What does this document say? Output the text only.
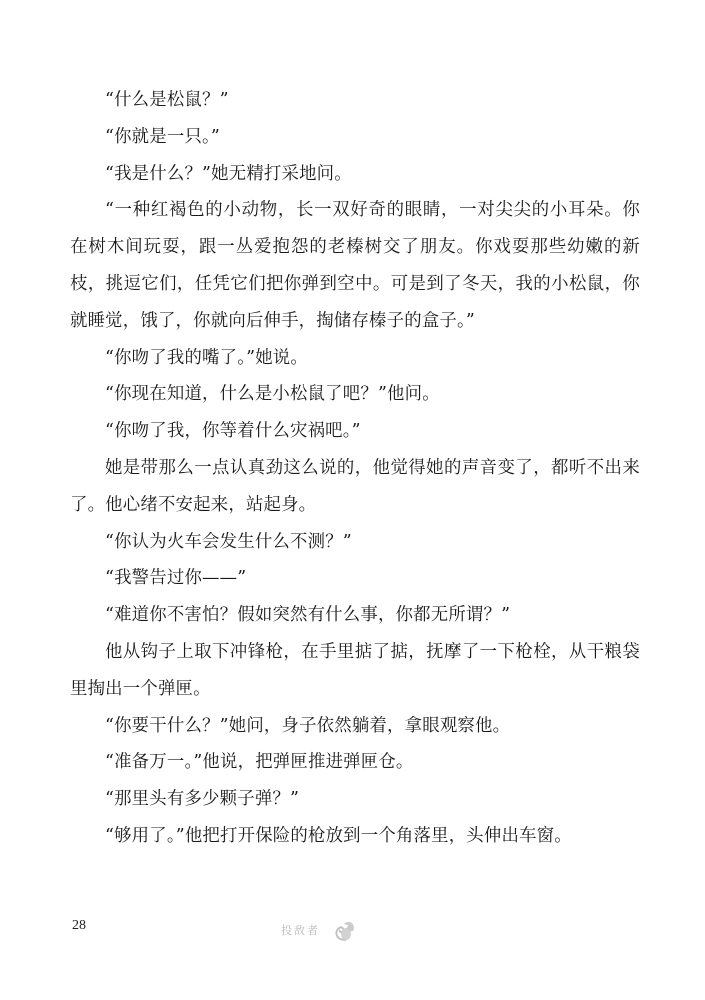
“什么是松鼠？”

“你就是一只。”

“我是什么？”她无精打采地问。

“一种红褐色的小动物，长一双好奇的眼睛，一对尖尖的小耳朵。你在树木间玩耍，跟一丛爱抱怨的老榛树交了朋友。你戏耍那些幼嫩的新枝，挑逗它们，任凭它们把你弹到空中。可是到了冬天，我的小松鼠，你就睡觉，饿了，你就向后伸手，掏储存榛子的盒子。”

“你吻了我的嘴了。”她说。

“你现在知道，什么是小松鼠了吧？”他问。

“你吻了我，你等着什么灾祸吧。”

她是带那么一点认真劲这么说的，他觉得她的声音变了，都听不出来了。他心绪不安起来，站起身。

“你认为火车会发生什么不测？”

“我警告过你——”

“难道你不害怕？假如突然有什么事，你都无所谓？”

他从钩子上取下冲锋枪，在手里掂了掂，抚摩了一下枪栓，从干粮袋里掏出一个弹匣。

“你要干什么？”她问，身子依然躺着，拿眼观察他。

“准备万一。”他说，把弹匣推进弹匣仓。

“那里头有多少颗子弹？”

“够用了。”他把打开保险的枪放到一个角落里，头伸出车窗。

28	投敌者
